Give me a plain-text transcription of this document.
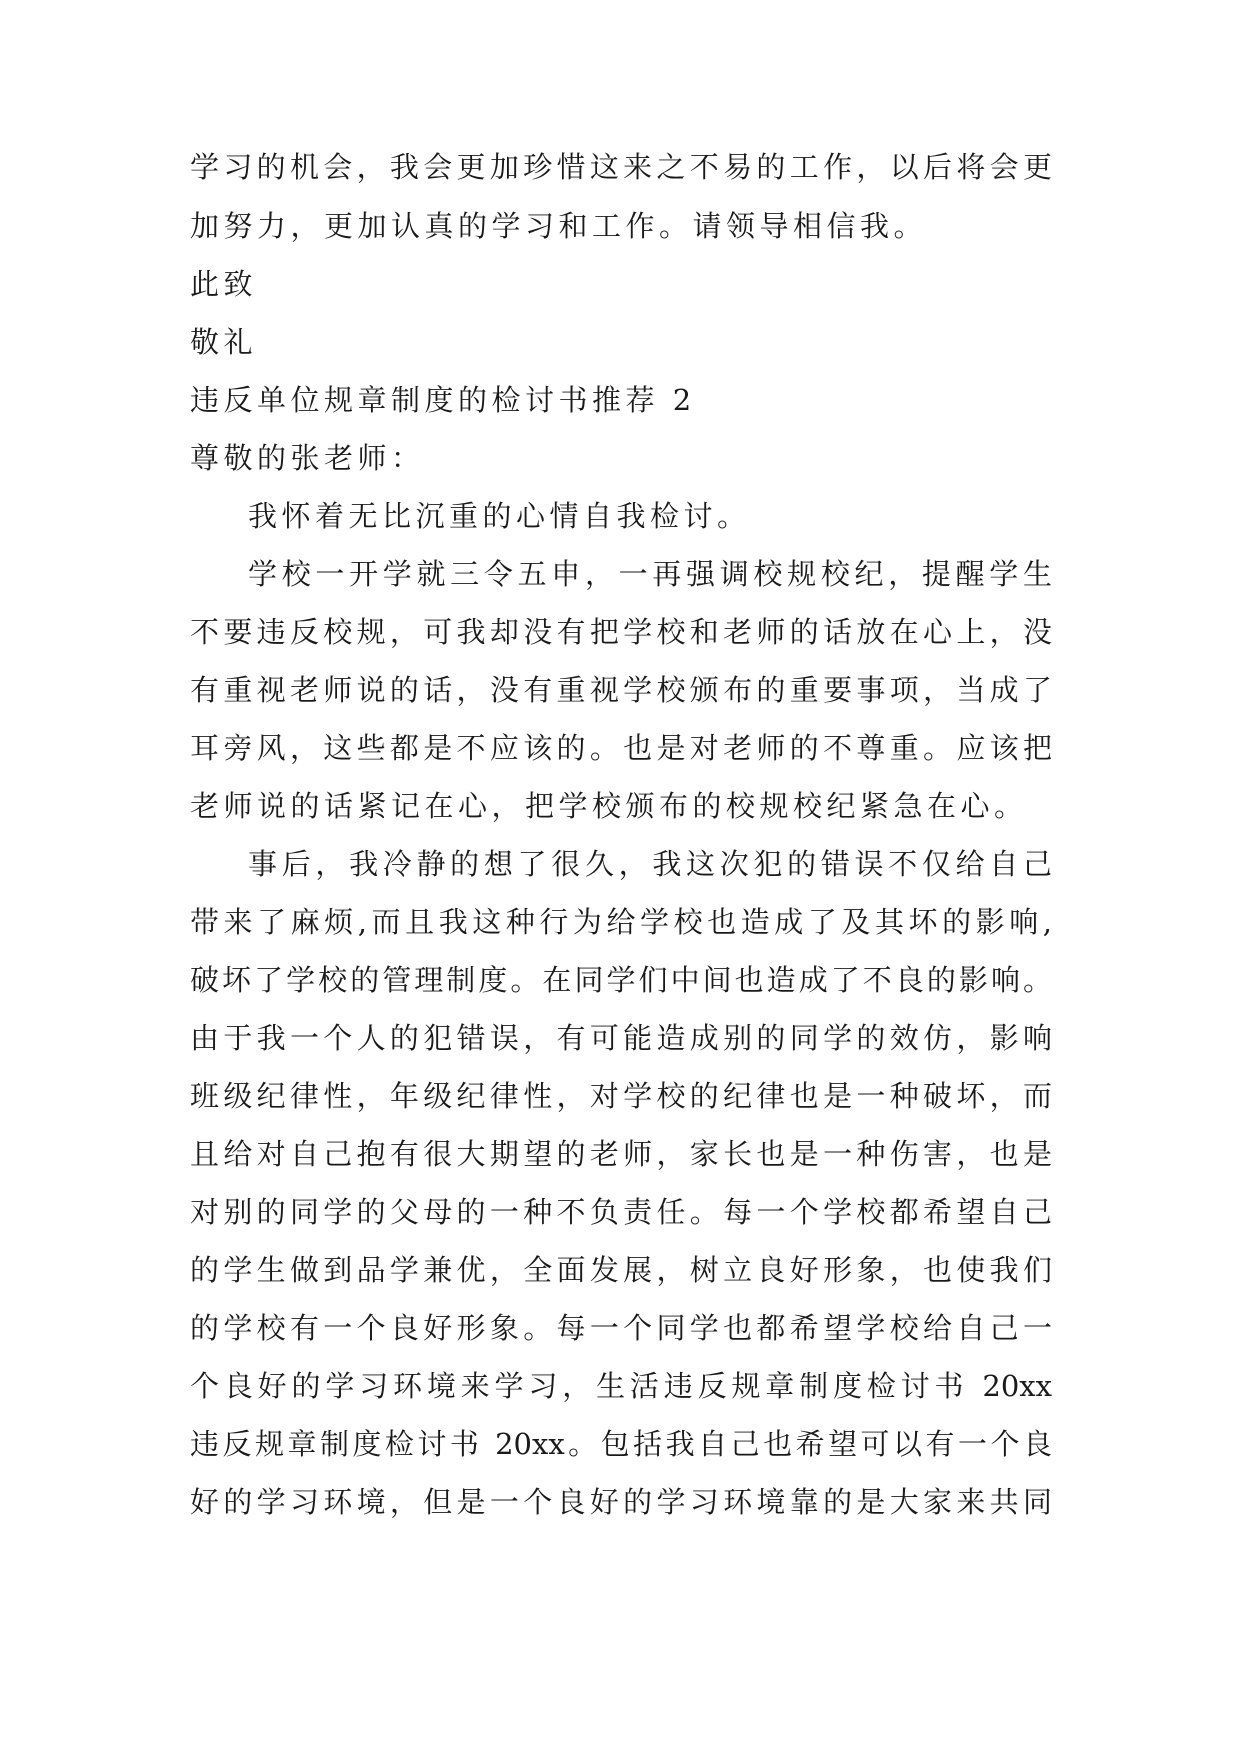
学习的机会，我会更加珍惜这来之不易的工作，以后将会更
加努力，更加认真的学习和工作。请领导相信我。
此致
敬礼
违反单位规章制度的检讨书推荐 2
尊敬的张老师：
我怀着无比沉重的心情自我检讨。
学校一开学就三令五申，一再强调校规校纪，提醒学生
不要违反校规，可我却没有把学校和老师的话放在心上，没
有重视老师说的话，没有重视学校颁布的重要事项，当成了
耳旁风，这些都是不应该的。也是对老师的不尊重。应该把
老师说的话紧记在心，把学校颁布的校规校纪紧急在心。
事后，我冷静的想了很久，我这次犯的错误不仅给自己
带来了麻烦,而且我这种行为给学校也造成了及其坏的影响,
破坏了学校的管理制度。在同学们中间也造成了不良的影响。
由于我一个人的犯错误，有可能造成别的同学的效仿，影响
班级纪律性，年级纪律性，对学校的纪律也是一种破坏，而
且给对自己抱有很大期望的老师，家长也是一种伤害，也是
对别的同学的父母的一种不负责任。每一个学校都希望自己
的学生做到品学兼优，全面发展，树立良好形象，也使我们
的学校有一个良好形象。每一个同学也都希望学校给自己一
个良好的学习环境来学习，生活违反规章制度检讨书 20xx
违反规章制度检讨书 20xx。包括我自己也希望可以有一个良
好的学习环境，但是一个良好的学习环境靠的是大家来共同
